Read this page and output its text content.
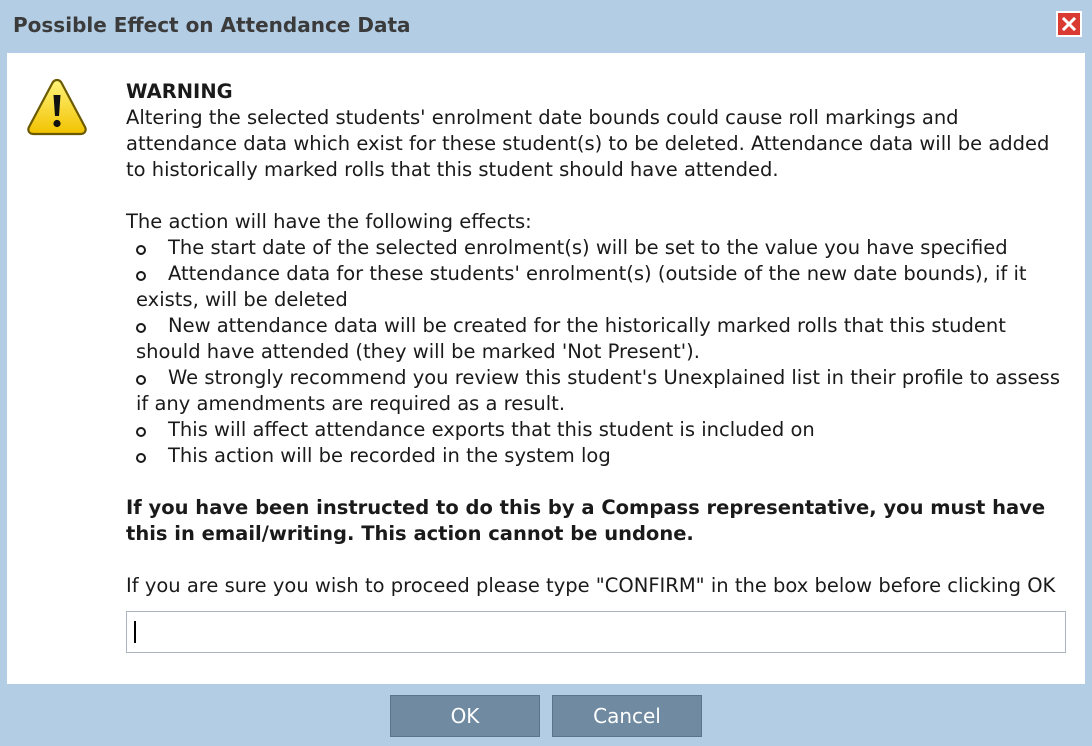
Possible Effect on Attendance Data

WARNING

Altering the selected students' enrolment date bounds could cause roll markings and attendance data which exist for these student(s) to be deleted. Attendance data will be added to historically marked rolls that this student should have attended.

The action will have the following effects:

The start date of the selected enrolment(s) will be set to the value you have specified
Attendance data for these students' enrolment(s) (outside of the new date bounds), if it exists, will be deleted
New attendance data will be created for the historically marked rolls that this student should have attended (they will be marked 'Not Present').
We strongly recommend you review this student's Unexplained list in their profile to assess if any amendments are required as a result.
This will affect attendance exports that this student is included on
This action will be recorded in the system log

If you have been instructed to do this by a Compass representative, you must have this in email/writing. This action cannot be undone.

If you are sure you wish to proceed please type "CONFIRM" in the box below before clicking OK

OK	Cancel
